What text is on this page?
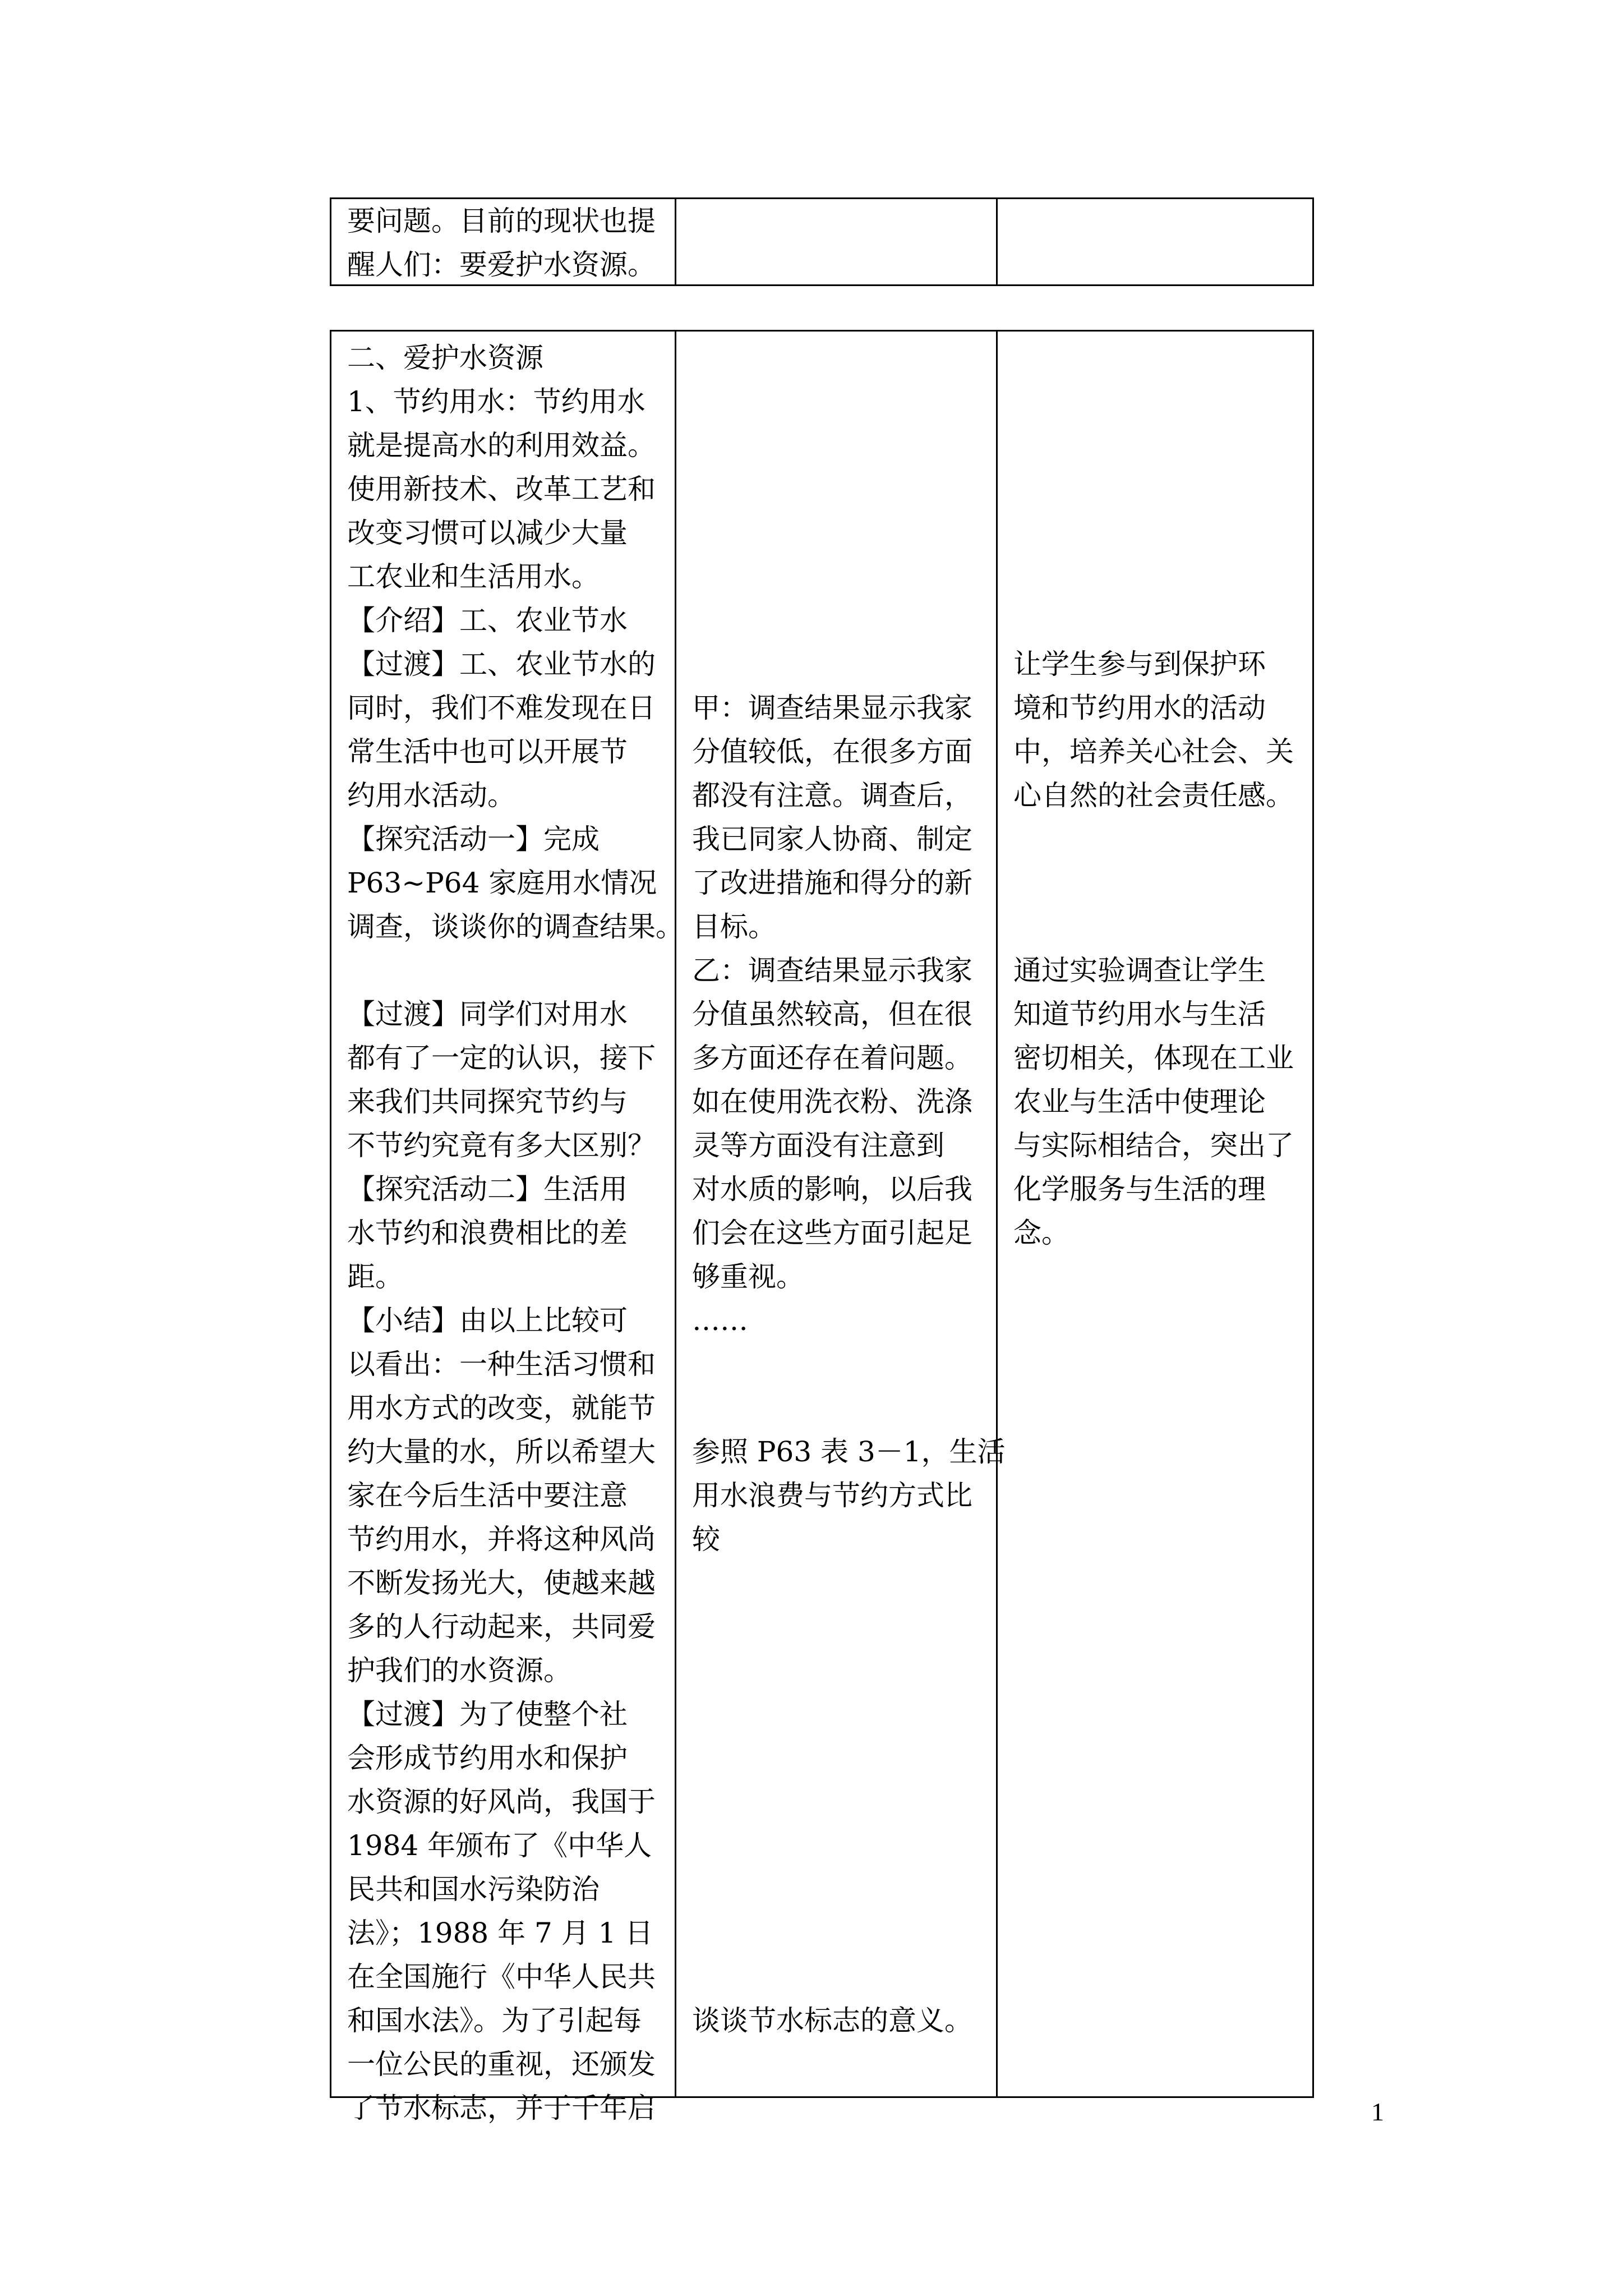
要问题。目前的现状也提
醒人们：要爱护水资源。
二、爱护水资源
1、节约用水：节约用水
就是提高水的利用效益。
使用新技术、改革工艺和
改变习惯可以减少大量
工农业和生活用水。
【介绍】工、农业节水
【过渡】工、农业节水的
同时，我们不难发现在日
常生活中也可以开展节
约用水活动。
【探究活动一】完成
P63~P64 家庭用水情况
调查，谈谈你的调查结果。
【过渡】同学们对用水
都有了一定的认识，接下
来我们共同探究节约与
不节约究竟有多大区别？
【探究活动二】生活用
水节约和浪费相比的差
距。
【小结】由以上比较可
以看出：一种生活习惯和
用水方式的改变，就能节
约大量的水，所以希望大
家在今后生活中要注意
节约用水，并将这种风尚
不断发扬光大，使越来越
多的人行动起来，共同爱
护我们的水资源。
【过渡】为了使整个社
会形成节约用水和保护
水资源的好风尚，我国于
1984 年颁布了《中华人
民共和国水污染防治
法》；1988 年 7 月 1 日
在全国施行《中华人民共
和国水法》。为了引起每
一位公民的重视，还颁发
了节水标志，并于千年启
甲：调查结果显示我家
分值较低，在很多方面
都没有注意。调查后，
我已同家人协商、制定
了改进措施和得分的新
目标。
乙：调查结果显示我家
分值虽然较高，但在很
多方面还存在着问题。
如在使用洗衣粉、洗涤
灵等方面没有注意到
对水质的影响，以后我
们会在这些方面引起足
够重视。
……
参照 P63 表 3－1，生活
用水浪费与节约方式比
较
谈谈节水标志的意义。
让学生参与到保护环
境和节约用水的活动
中，培养关心社会、关
心自然的社会责任感。
通过实验调查让学生
知道节约用水与生活
密切相关，体现在工业
农业与生活中使理论
与实际相结合，突出了
化学服务与生活的理
念。
1
